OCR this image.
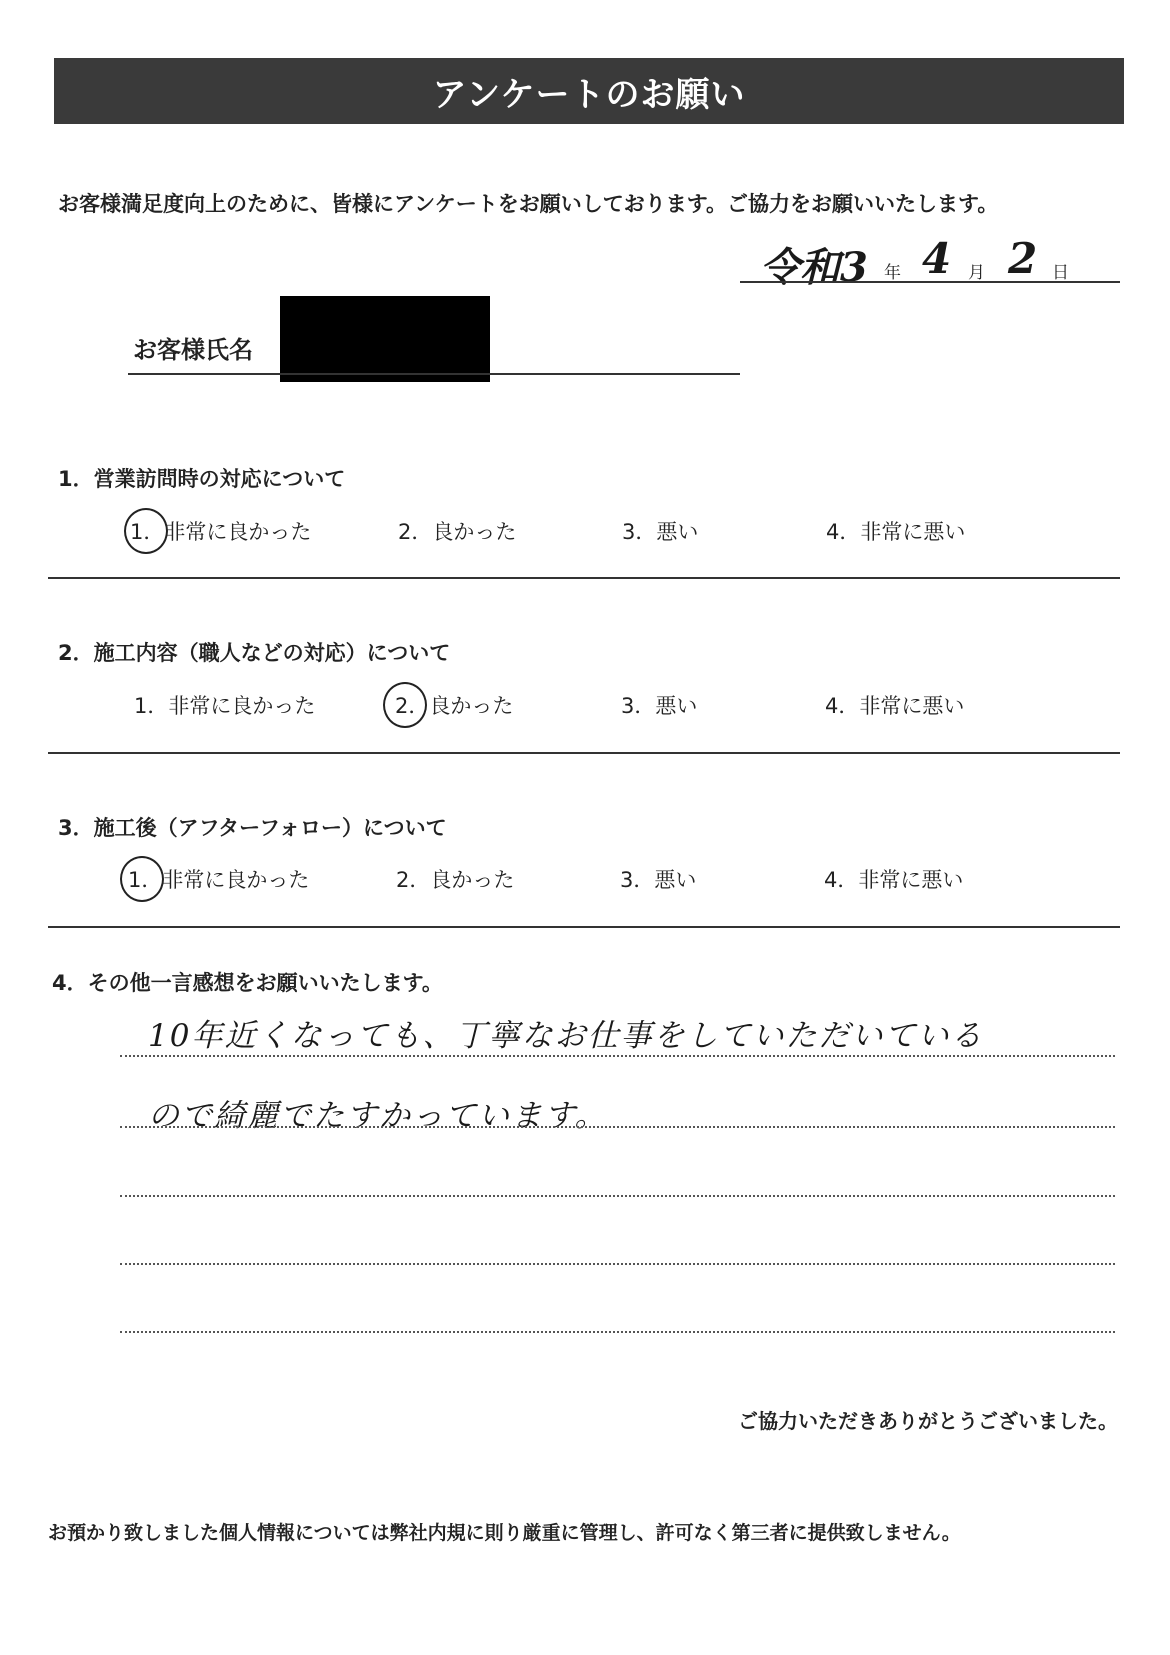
アンケートのお願い
お客様満足度向上のために、皆様にアンケートをお願いしております。ご協力をお願いいたします。
令和3 年 4 月 2 日
お客様氏名
1．営業訪問時の対応について
1．非常に良かった	2．良かった	3．悪い	4．非常に悪い
2．施工内容（職人などの対応）について
1．非常に良かった	2．良かった	3．悪い	4．非常に悪い
3．施工後（アフターフォロー）について
1．非常に良かった	2．良かった	3．悪い	4．非常に悪い
4．その他一言感想をお願いいたします。
10年近くなっても、丁寧なお仕事をしていただいている
ので綺麗でたすかっています。
ご協力いただきありがとうございました。
お預かり致しました個人情報については弊社内規に則り厳重に管理し、許可なく第三者に提供致しません。
